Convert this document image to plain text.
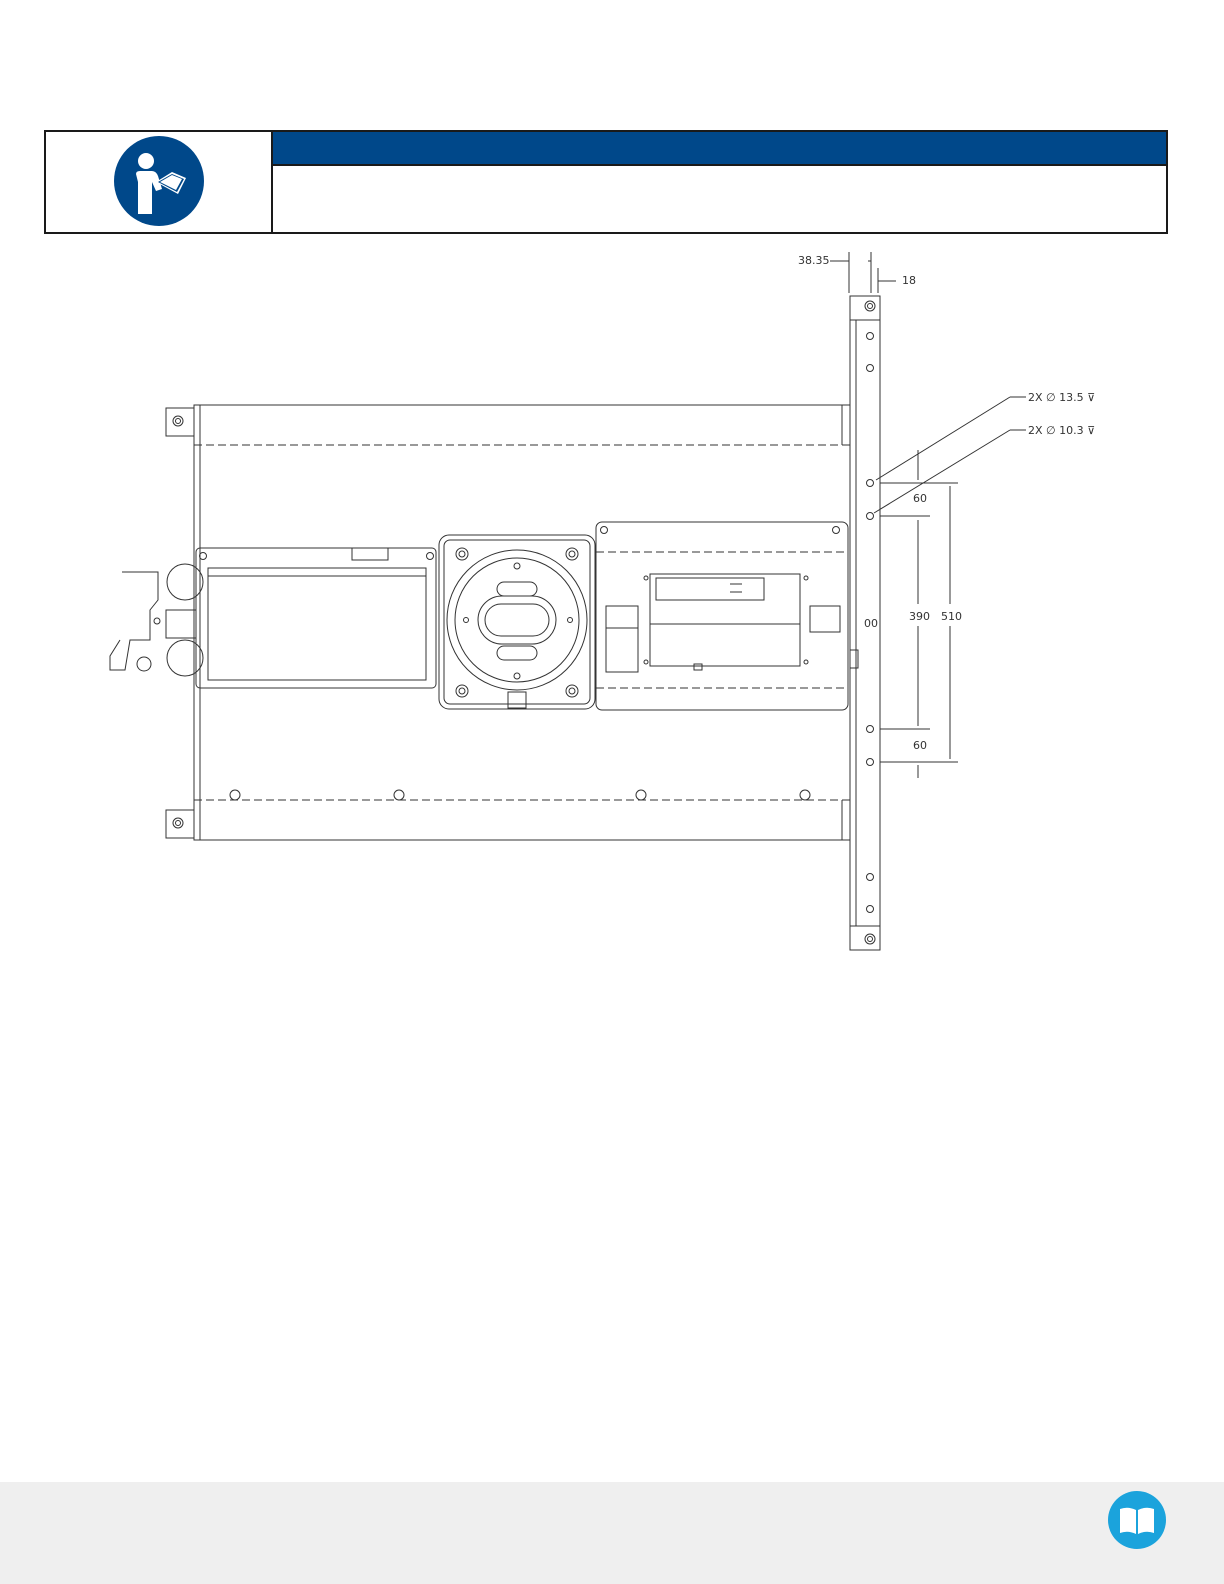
38.35
18
2X ∅ 13.5 ⊽
2X ∅ 10.3 ⊽
60
390 510
00
60
